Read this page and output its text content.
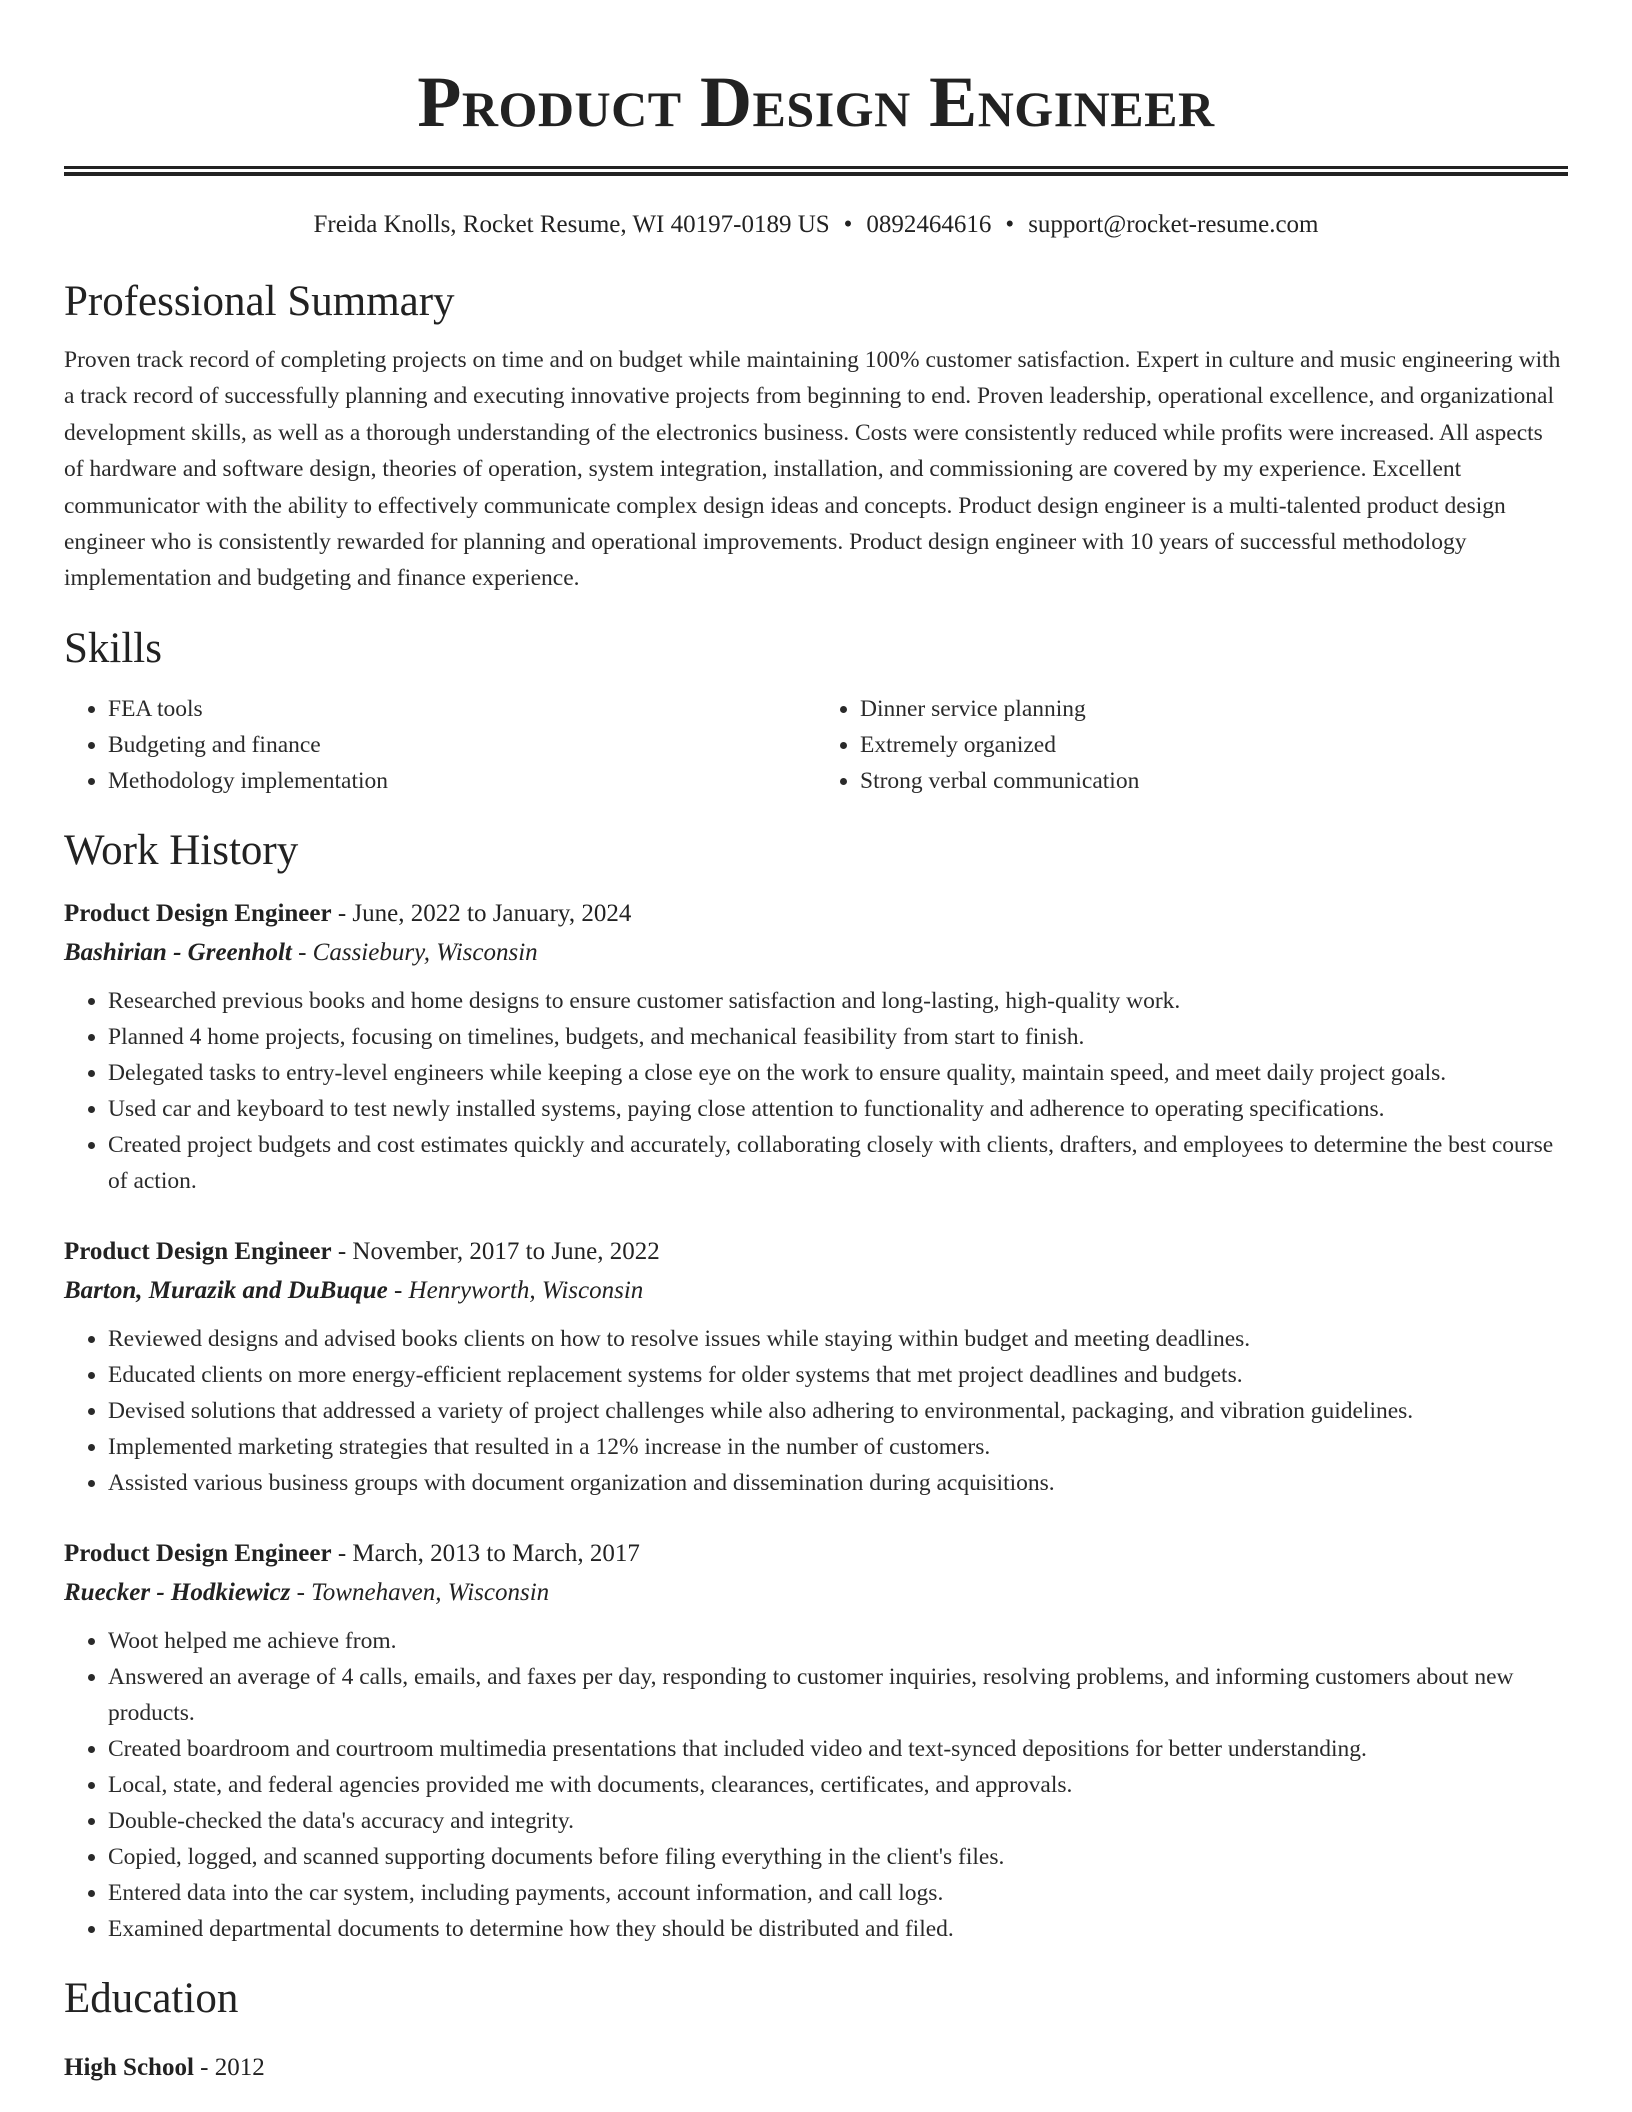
Product Design Engineer
Freida Knolls, Rocket Resume, WI 40197-0189 US • 0892464616 • support@rocket-resume.com
Professional Summary

Proven track record of completing projects on time and on budget while maintaining 100% customer satisfaction. Expert in culture and music engineering with a track record of successfully planning and executing innovative projects from beginning to end. Proven leadership, operational excellence, and organizational development skills, as well as a thorough understanding of the electronics business. Costs were consistently reduced while profits were increased. All aspects of hardware and software design, theories of operation, system integration, installation, and commissioning are covered by my experience. Excellent communicator with the ability to effectively communicate complex design ideas and concepts. Product design engineer is a multi-talented product design engineer who is consistently rewarded for planning and operational improvements. Product design engineer with 10 years of successful methodology implementation and budgeting and finance experience.

Skills
• FEA tools
• Budgeting and finance
• Methodology implementation
• Dinner service planning
• Extremely organized
• Strong verbal communication
Work History
Product Design Engineer - June, 2022 to January, 2024
Bashirian - Greenholt - Cassiebury, Wisconsin
• Researched previous books and home designs to ensure customer satisfaction and long-lasting, high-quality work.
• Planned 4 home projects, focusing on timelines, budgets, and mechanical feasibility from start to finish.
• Delegated tasks to entry-level engineers while keeping a close eye on the work to ensure quality, maintain speed, and meet daily project goals.
• Used car and keyboard to test newly installed systems, paying close attention to functionality and adherence to operating specifications.
• Created project budgets and cost estimates quickly and accurately, collaborating closely with clients, drafters, and employees to determine the best course of action.
Product Design Engineer - November, 2017 to June, 2022
Barton, Murazik and DuBuque - Henryworth, Wisconsin
• Reviewed designs and advised books clients on how to resolve issues while staying within budget and meeting deadlines.
• Educated clients on more energy-efficient replacement systems for older systems that met project deadlines and budgets.
• Devised solutions that addressed a variety of project challenges while also adhering to environmental, packaging, and vibration guidelines.
• Implemented marketing strategies that resulted in a 12% increase in the number of customers.
• Assisted various business groups with document organization and dissemination during acquisitions.
Product Design Engineer - March, 2013 to March, 2017
Ruecker - Hodkiewicz - Townehaven, Wisconsin
• Woot helped me achieve from.
• Answered an average of 4 calls, emails, and faxes per day, responding to customer inquiries, resolving problems, and informing customers about new products.
• Created boardroom and courtroom multimedia presentations that included video and text-synced depositions for better understanding.
• Local, state, and federal agencies provided me with documents, clearances, certificates, and approvals.
• Double-checked the data's accuracy and integrity.
• Copied, logged, and scanned supporting documents before filing everything in the client's files.
• Entered data into the car system, including payments, account information, and call logs.
• Examined departmental documents to determine how they should be distributed and filed.
Education
High School - 2012
